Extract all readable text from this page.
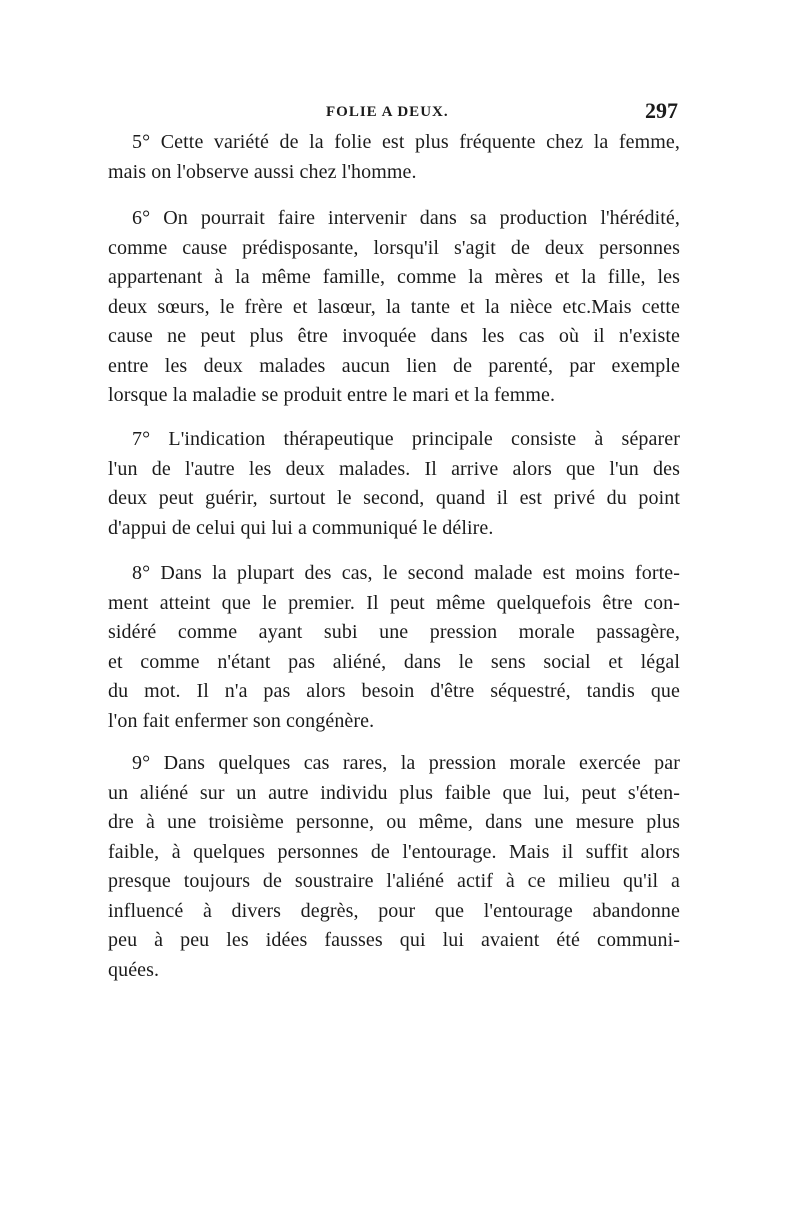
FOLIE A DEUX.	297
5° Cette variété de la folie est plus fréquente chez la femme,
mais on l'observe aussi chez l'homme.
6° On pourrait faire intervenir dans sa production l'hérédité,
comme cause prédisposante, lorsqu'il s'agit de deux personnes
appartenant à la même famille, comme la mères et la fille, les
deux sœurs, le frère et lasœur, la tante et la nièce etc.Mais cette
cause ne peut plus être invoquée dans les cas où il n'existe
entre les deux malades aucun lien de parenté, par exemple
lorsque la maladie se produit entre le mari et la femme.
7° L'indication thérapeutique principale consiste à séparer
l'un de l'autre les deux malades. Il arrive alors que l'un des
deux peut guérir, surtout le second, quand il est privé du point
d'appui de celui qui lui a communiqué le délire.
8° Dans la plupart des cas, le second malade est moins forte-
ment atteint que le premier. Il peut même quelquefois être con-
sidéré comme ayant subi une pression morale passagère,
et comme n'étant pas aliéné, dans le sens social et légal
du mot. Il n'a pas alors besoin d'être séquestré, tandis que
l'on fait enfermer son congénère.
9° Dans quelques cas rares, la pression morale exercée par
un aliéné sur un autre individu plus faible que lui, peut s'éten-
dre à une troisième personne, ou même, dans une mesure plus
faible, à quelques personnes de l'entourage. Mais il suffit alors
presque toujours de soustraire l'aliéné actif à ce milieu qu'il a
influencé à divers degrès, pour que l'entourage abandonne
peu à peu les idées fausses qui lui avaient été communi-
quées.
